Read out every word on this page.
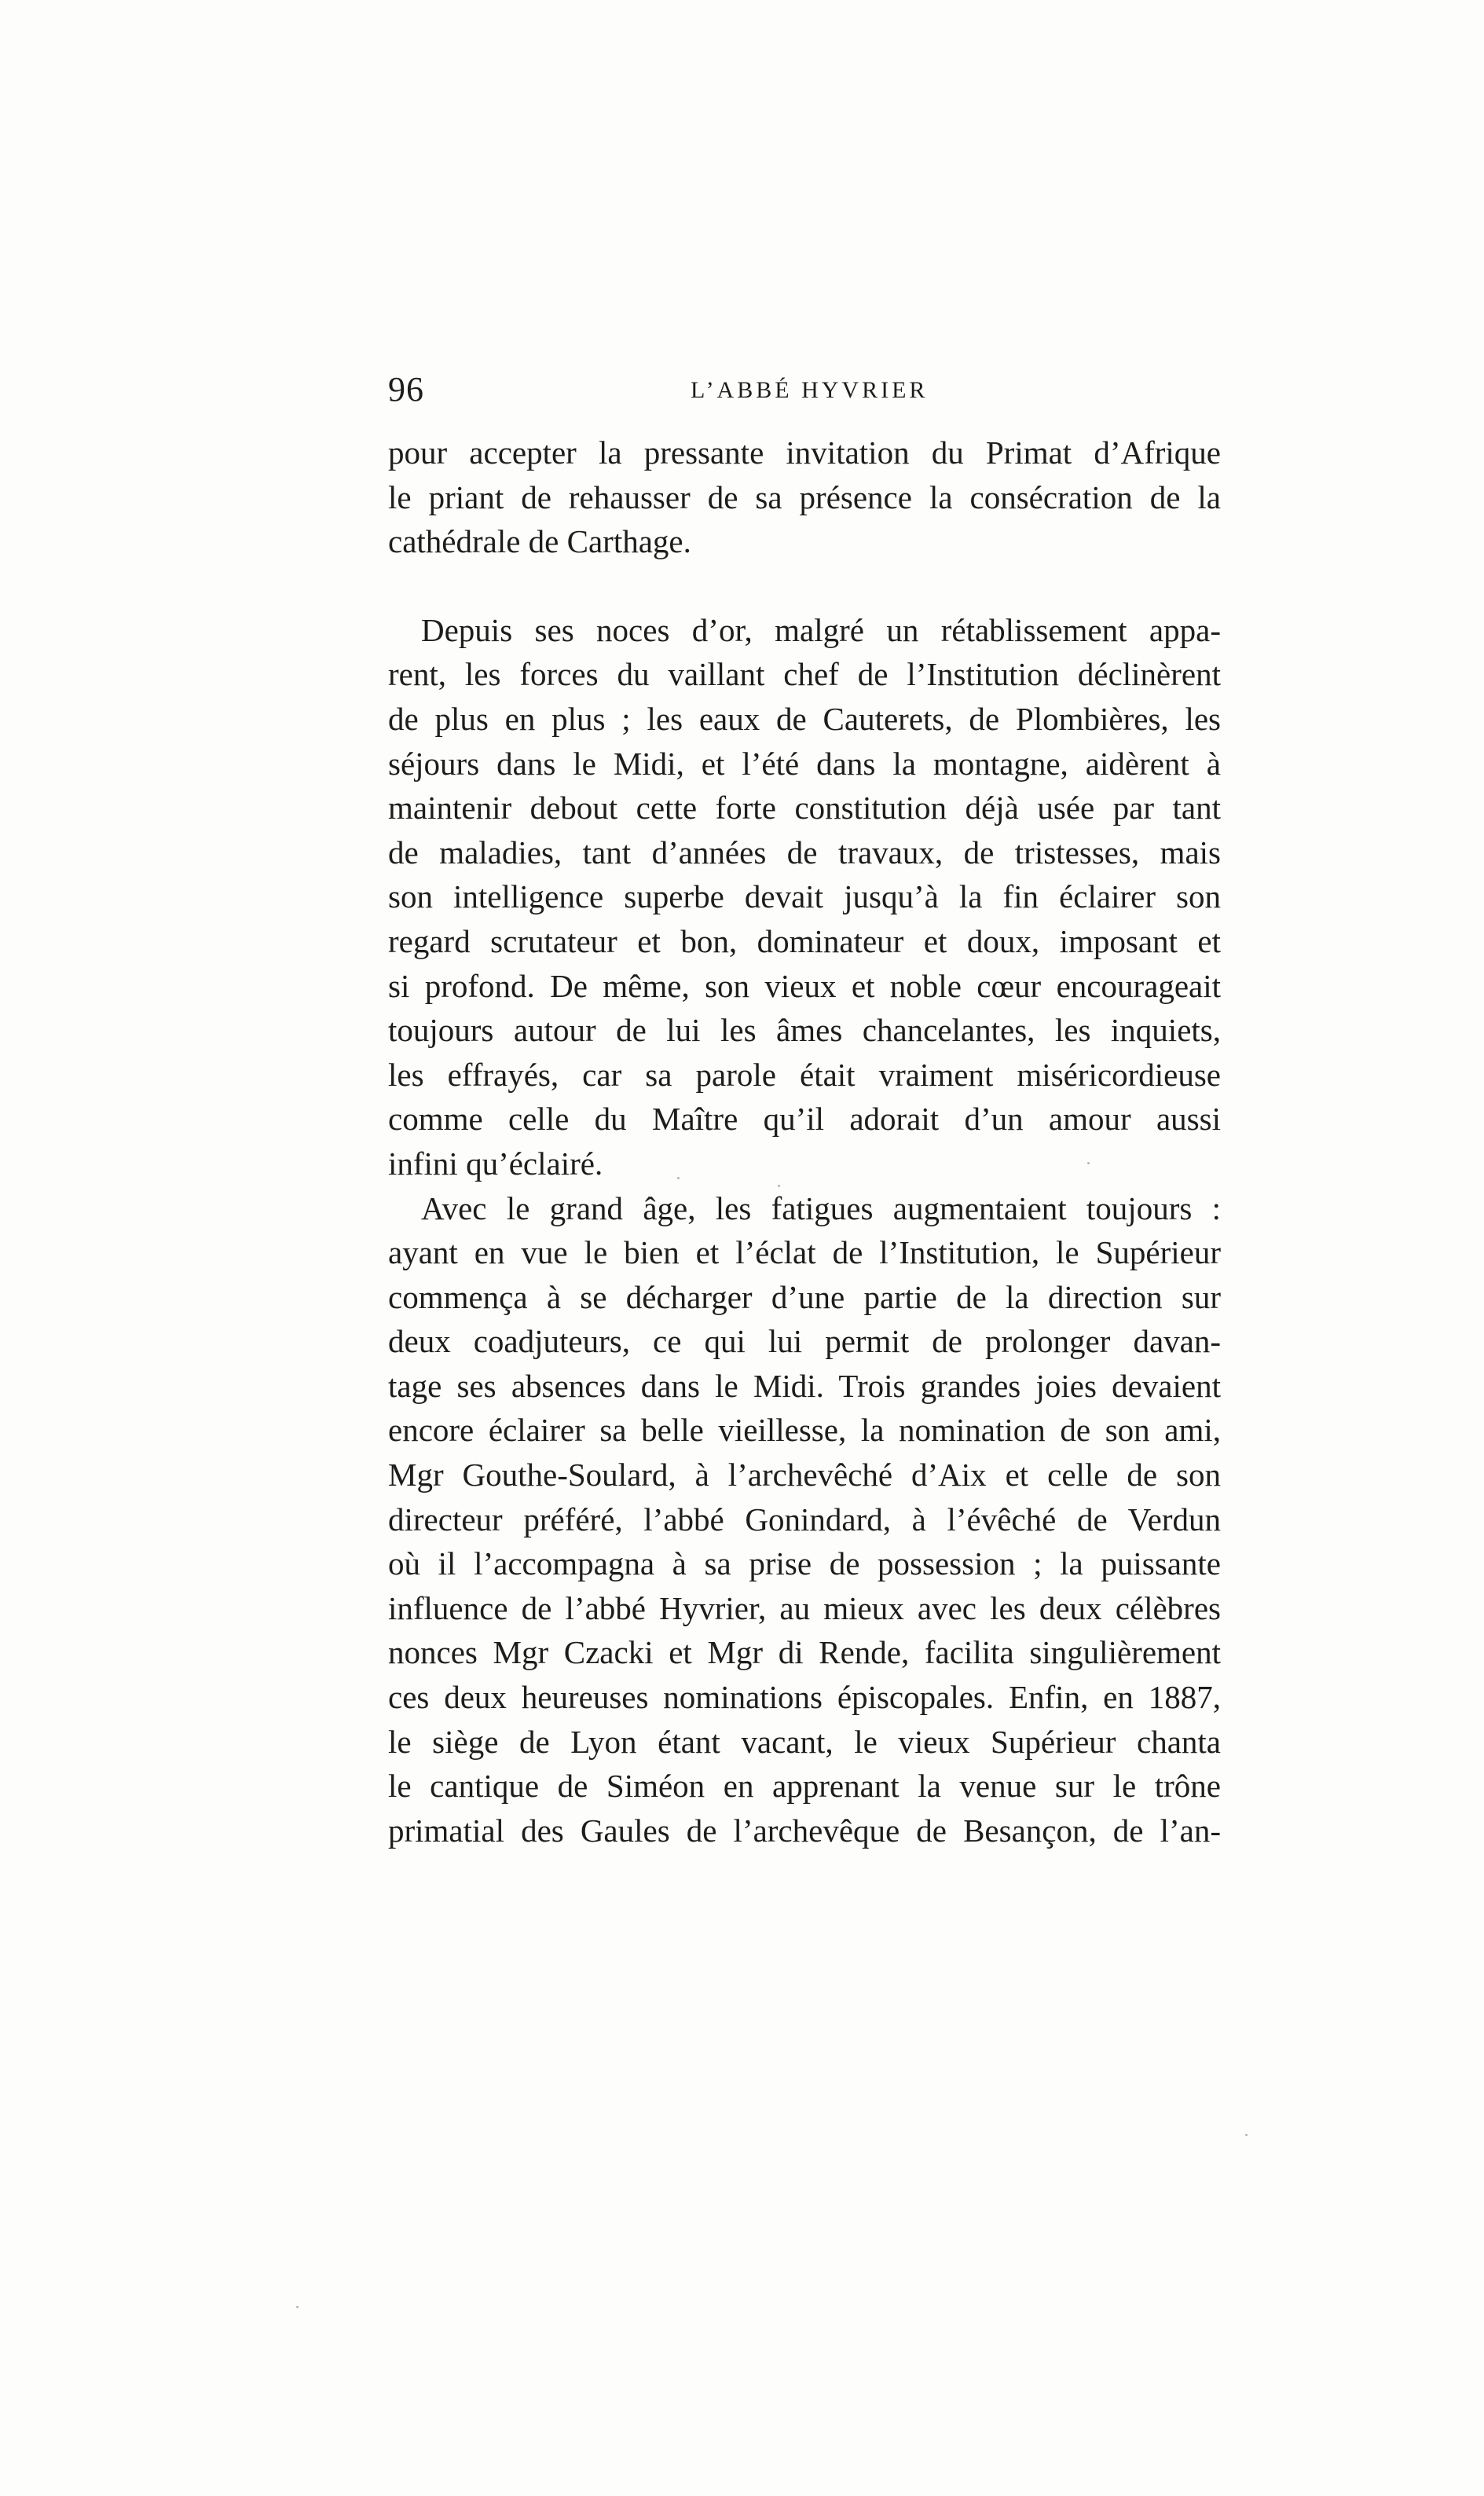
96	L’ABBÉ HYVRIER
pour accepter la pressante invitation du Primat d’Afrique
le priant de rehausser de sa présence la consécration de la
cathédrale de Carthage.
Depuis ses noces d’or, malgré un rétablissement appa-
rent, les forces du vaillant chef de l’Institution déclinèrent
de plus en plus ; les eaux de Cauterets, de Plombières, les
séjours dans le Midi, et l’été dans la montagne, aidèrent à
maintenir debout cette forte constitution déjà usée par tant
de maladies, tant d’années de travaux, de tristesses, mais
son intelligence superbe devait jusqu’à la fin éclairer son
regard scrutateur et bon, dominateur et doux, imposant et
si profond. De même, son vieux et noble cœur encourageait
toujours autour de lui les âmes chancelantes, les inquiets,
les effrayés, car sa parole était vraiment miséricordieuse
comme celle du Maître qu’il adorait d’un amour aussi
infini qu’éclairé.
Avec le grand âge, les fatigues augmentaient toujours :
ayant en vue le bien et l’éclat de l’Institution, le Supérieur
commença à se décharger d’une partie de la direction sur
deux coadjuteurs, ce qui lui permit de prolonger davan-
tage ses absences dans le Midi. Trois grandes joies devaient
encore éclairer sa belle vieillesse, la nomination de son ami,
Mgr Gouthe-Soulard, à l’archevêché d’Aix et celle de son
directeur préféré, l’abbé Gonindard, à l’évêché de Verdun
où il l’accompagna à sa prise de possession ; la puissante
influence de l’abbé Hyvrier, au mieux avec les deux célèbres
nonces Mgr Czacki et Mgr di Rende, facilita singulièrement
ces deux heureuses nominations épiscopales. Enfin, en 1887,
le siège de Lyon étant vacant, le vieux Supérieur chanta
le cantique de Siméon en apprenant la venue sur le trône
primatial des Gaules de l’archevêque de Besançon, de l’an-
